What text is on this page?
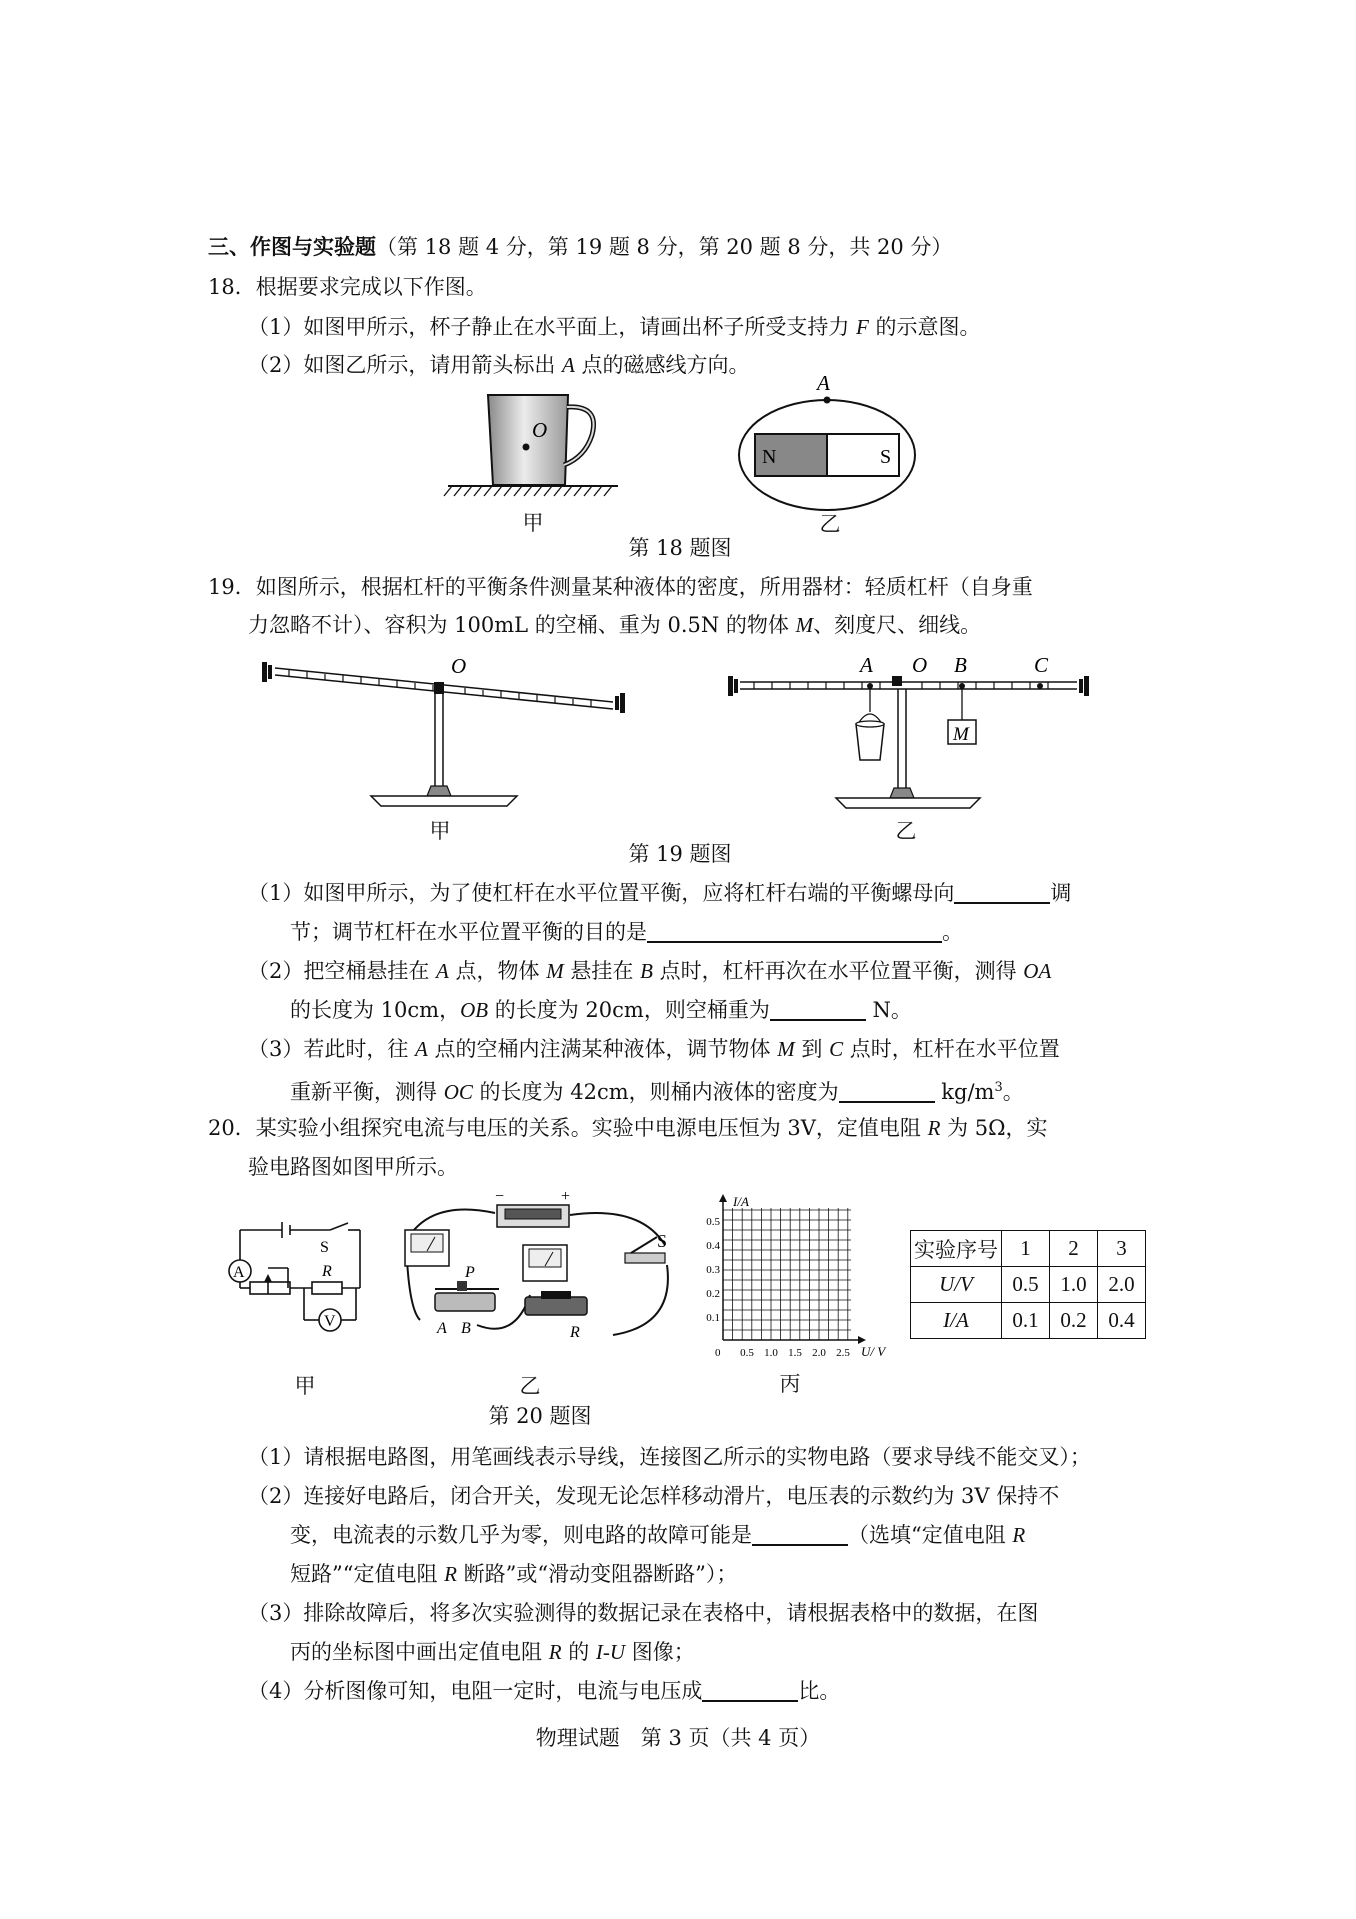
三、作图与实验题（第 18 题 4 分，第 19 题 8 分，第 20 题 8 分，共 20 分）
18．根据要求完成以下作图。
（1）如图甲所示，杯子静止在水平面上，请画出杯子所受支持力 F 的示意图。
（2）如图乙所示，请用箭头标出 A 点的磁感线方向。
O
甲
A
N	S
乙
第 18 题图
19．如图所示，根据杠杆的平衡条件测量某种液体的密度，所用器材：轻质杠杆（自身重
力忽略不计）、容积为 100mL 的空桶、重为 0.5N 的物体 M、刻度尺、细线。
O
甲
A O B	C
M
乙
第 19 题图
（1）如图甲所示，为了使杠杆在水平位置平衡，应将杠杆右端的平衡螺母向	调
节；调节杠杆在水平位置平衡的目的是	。
（2）把空桶悬挂在 A 点，物体 M 悬挂在 B 点时，杠杆再次在水平位置平衡，测得 OA
的长度为 10cm，OB 的长度为 20cm，则空桶重为	N。
（3）若此时，往 A 点的空桶内注满某种液体，调节物体 M 到 C 点时，杠杆在水平位置
重新平衡，测得 OC 的长度为 42cm，则桶内液体的密度为	$kg/m^3$。
20．某实验小组探究电流与电压的关系。实验中电源电压恒为 3V，定值电阻 R 为 5Ω，实
验电路图如图甲所示。
A
V
S
R
甲
−	+
S
P
A B	R
乙
I/A
U/ V
0
0.1
0.2
0.3
0.4
0.5
0.5 1.0 1.5 2.0 2.5
丙
第 20 题图
实验序号	1	2	3
U/V	0.5	1.0	2.0
I/A	0.1	0.2	0.4
（1）请根据电路图，用笔画线表示导线，连接图乙所示的实物电路（要求导线不能交叉）；
（2）连接好电路后，闭合开关，发现无论怎样移动滑片，电压表的示数约为 3V 保持不
变，电流表的示数几乎为零，则电路的故障可能是	（选填“定值电阻 R
短路”“定值电阻 R 断路”或“滑动变阻器断路”）；
（3）排除故障后，将多次实验测得的数据记录在表格中，请根据表格中的数据，在图
丙的坐标图中画出定值电阻 R 的 I-U 图像；
（4）分析图像可知，电阻一定时，电流与电压成	比。
物理试题　第 3 页（共 4 页）
